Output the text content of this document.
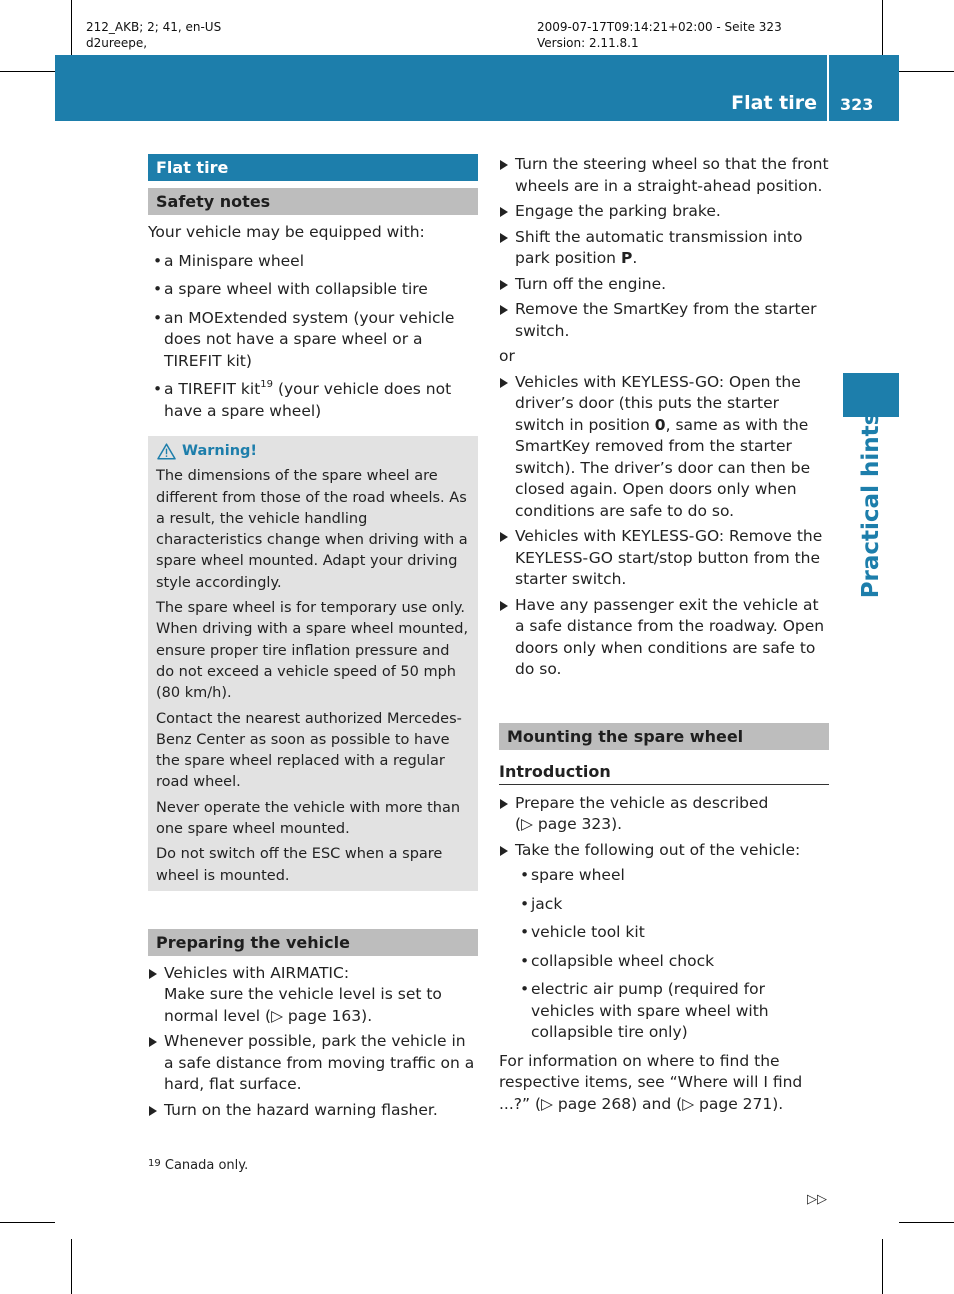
212_AKB; 2; 41, en-US
d2ureepe,
2009-07-17T09:14:21+02:00 - Seite 323
Version: 2.11.8.1
Flat tire 323
Practical hints
Flat tire
Safety notes

Your vehicle may be equipped with:

• a Minispare wheel
• a spare wheel with collapsible tire
• an MOExtended system (your vehicle does not have a spare wheel or a TIREFIT kit)
• a TIREFIT kit$^{19}$ (your vehicle does not have a spare wheel)
Warning!

The dimensions of the spare wheel are different from those of the road wheels. As a result, the vehicle handling characteristics change when driving with a spare wheel mounted. Adapt your driving style accordingly.

The spare wheel is for temporary use only. When driving with a spare wheel mounted, ensure proper tire inflation pressure and do not exceed a vehicle speed of 50 mph (80 km/h).

Contact the nearest authorized Mercedes-Benz Center as soon as possible to have the spare wheel replaced with a regular road wheel.

Never operate the vehicle with more than one spare wheel mounted.

Do not switch off the ESC when a spare wheel is mounted.

Preparing the vehicle
Vehicles with AIRMATIC:
Make sure the vehicle level is set to normal level (▷ page 163).
Whenever possible, park the vehicle in a safe distance from moving traffic on a hard, flat surface.
Turn on the hazard warning flasher.
Turn the steering wheel so that the front wheels are in a straight-ahead position.
Engage the parking brake.
Shift the automatic transmission into park position P.
Turn off the engine.
Remove the SmartKey from the starter switch.

or

Vehicles with KEYLESS-GO: Open the driver’s door (this puts the starter switch in position 0, same as with the SmartKey removed from the starter switch). The driver’s door can then be closed again. Open doors only when conditions are safe to do so.
Vehicles with KEYLESS-GO: Remove the KEYLESS-GO start/stop button from the starter switch.
Have any passenger exit the vehicle at a safe distance from the roadway. Open doors only when conditions are safe to do so.
Mounting the spare wheel
Introduction
Prepare the vehicle as described
(▷ page 323).
Take the following out of the vehicle:
• spare wheel
• jack
• vehicle tool kit
• collapsible wheel chock
• electric air pump (required for vehicles with spare wheel with collapsible tire only)

For information on where to find the respective items, see “Where will I find ...?” (▷ page 268) and (▷ page 271).

$^{19}$ Canada only.
▷▷
